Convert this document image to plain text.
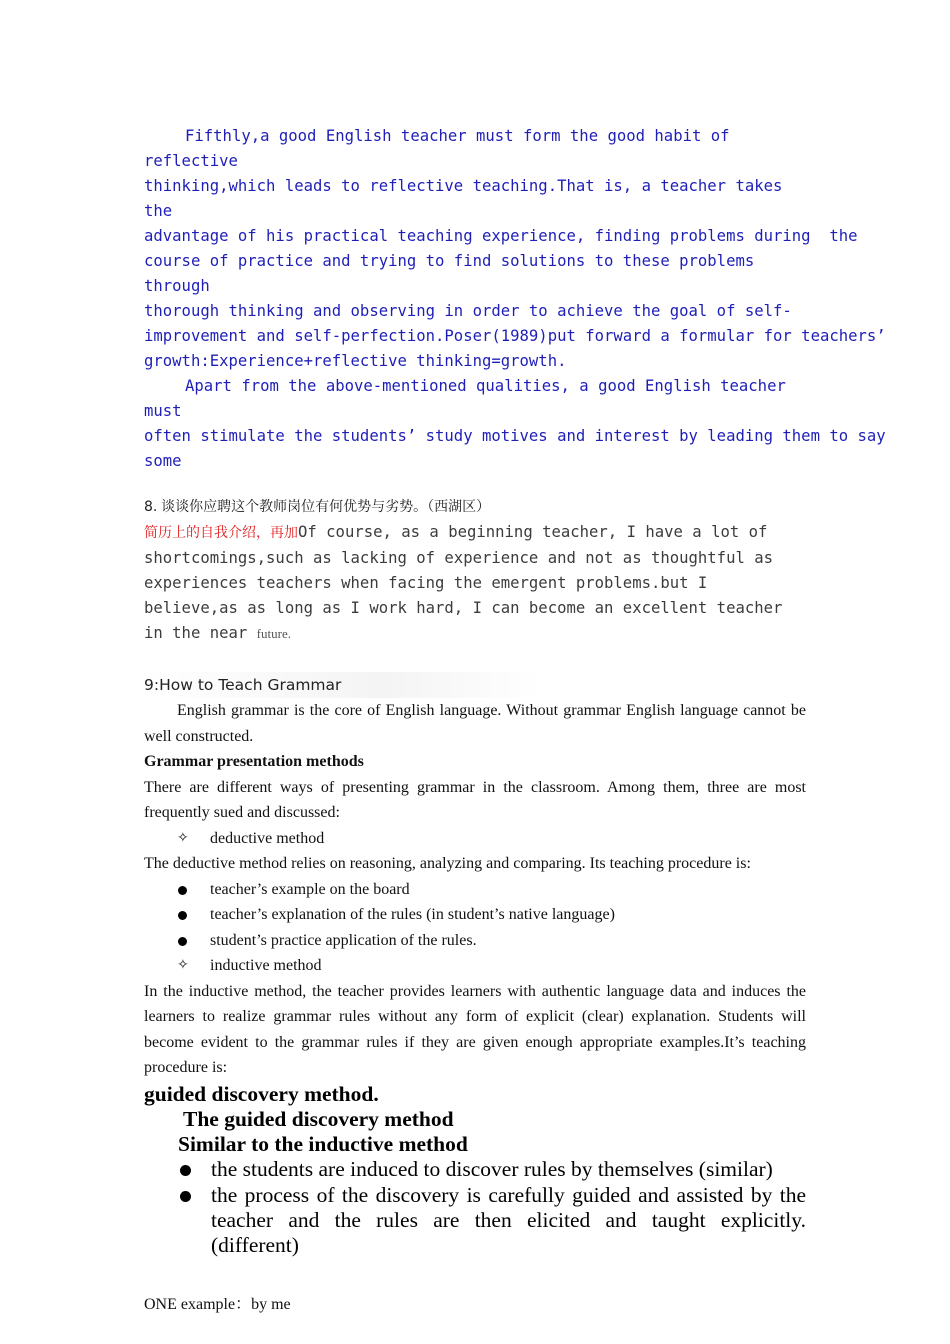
Fifthly,a good English teacher must form the good habit of reflective

thinking,which leads to reflective teaching.That is, a teacher takes the

advantage of his practical teaching experience, finding problems during  the

course of practice and trying to find solutions to these problems through

thorough thinking and observing in order to achieve the goal of self-

improvement and self-perfection.Poser(1989)put forward a formular for teachers’

growth:Experience+reflective thinking=growth.

Apart from the above-mentioned qualities, a good English teacher must

often stimulate the students’ study motives and interest by leading them to say

some

8. 谈谈你应聘这个教师岗位有何优势与劣势。（西湖区）

简历上的自我介绍，再加Of course, as a beginning teacher, I have a lot of

shortcomings,such as lacking of experience and not as thoughtful as

experiences teachers when facing the emergent problems.but I

believe,as as long as I work hard, I can become an excellent teacher

in the near future.

9:How to Teach Grammar

English grammar is the core of English language. Without grammar English language cannot be well constructed.

Grammar presentation methods

There are different ways of presenting grammar in the classroom. Among them, three are most frequently sued and discussed:

✧ deductive method

The deductive method relies on reasoning, analyzing and comparing. Its teaching procedure is:

teacher’s example on the board
teacher’s explanation of the rules (in student’s native language)
student’s practice application of the rules.
✧ inductive method

In the inductive method, the teacher provides learners with authentic language data and induces the learners to realize grammar rules without any form of explicit (clear) explanation. Students will become evident to the grammar rules if they are given enough appropriate examples.It’s teaching procedure is:

guided discovery method.

The guided discovery method

Similar to the inductive method

the students are induced to discover rules by themselves (similar)
the process of the discovery is carefully guided and assisted by the teacher and the rules are then elicited and taught explicitly. (different)

ONE example：by me
